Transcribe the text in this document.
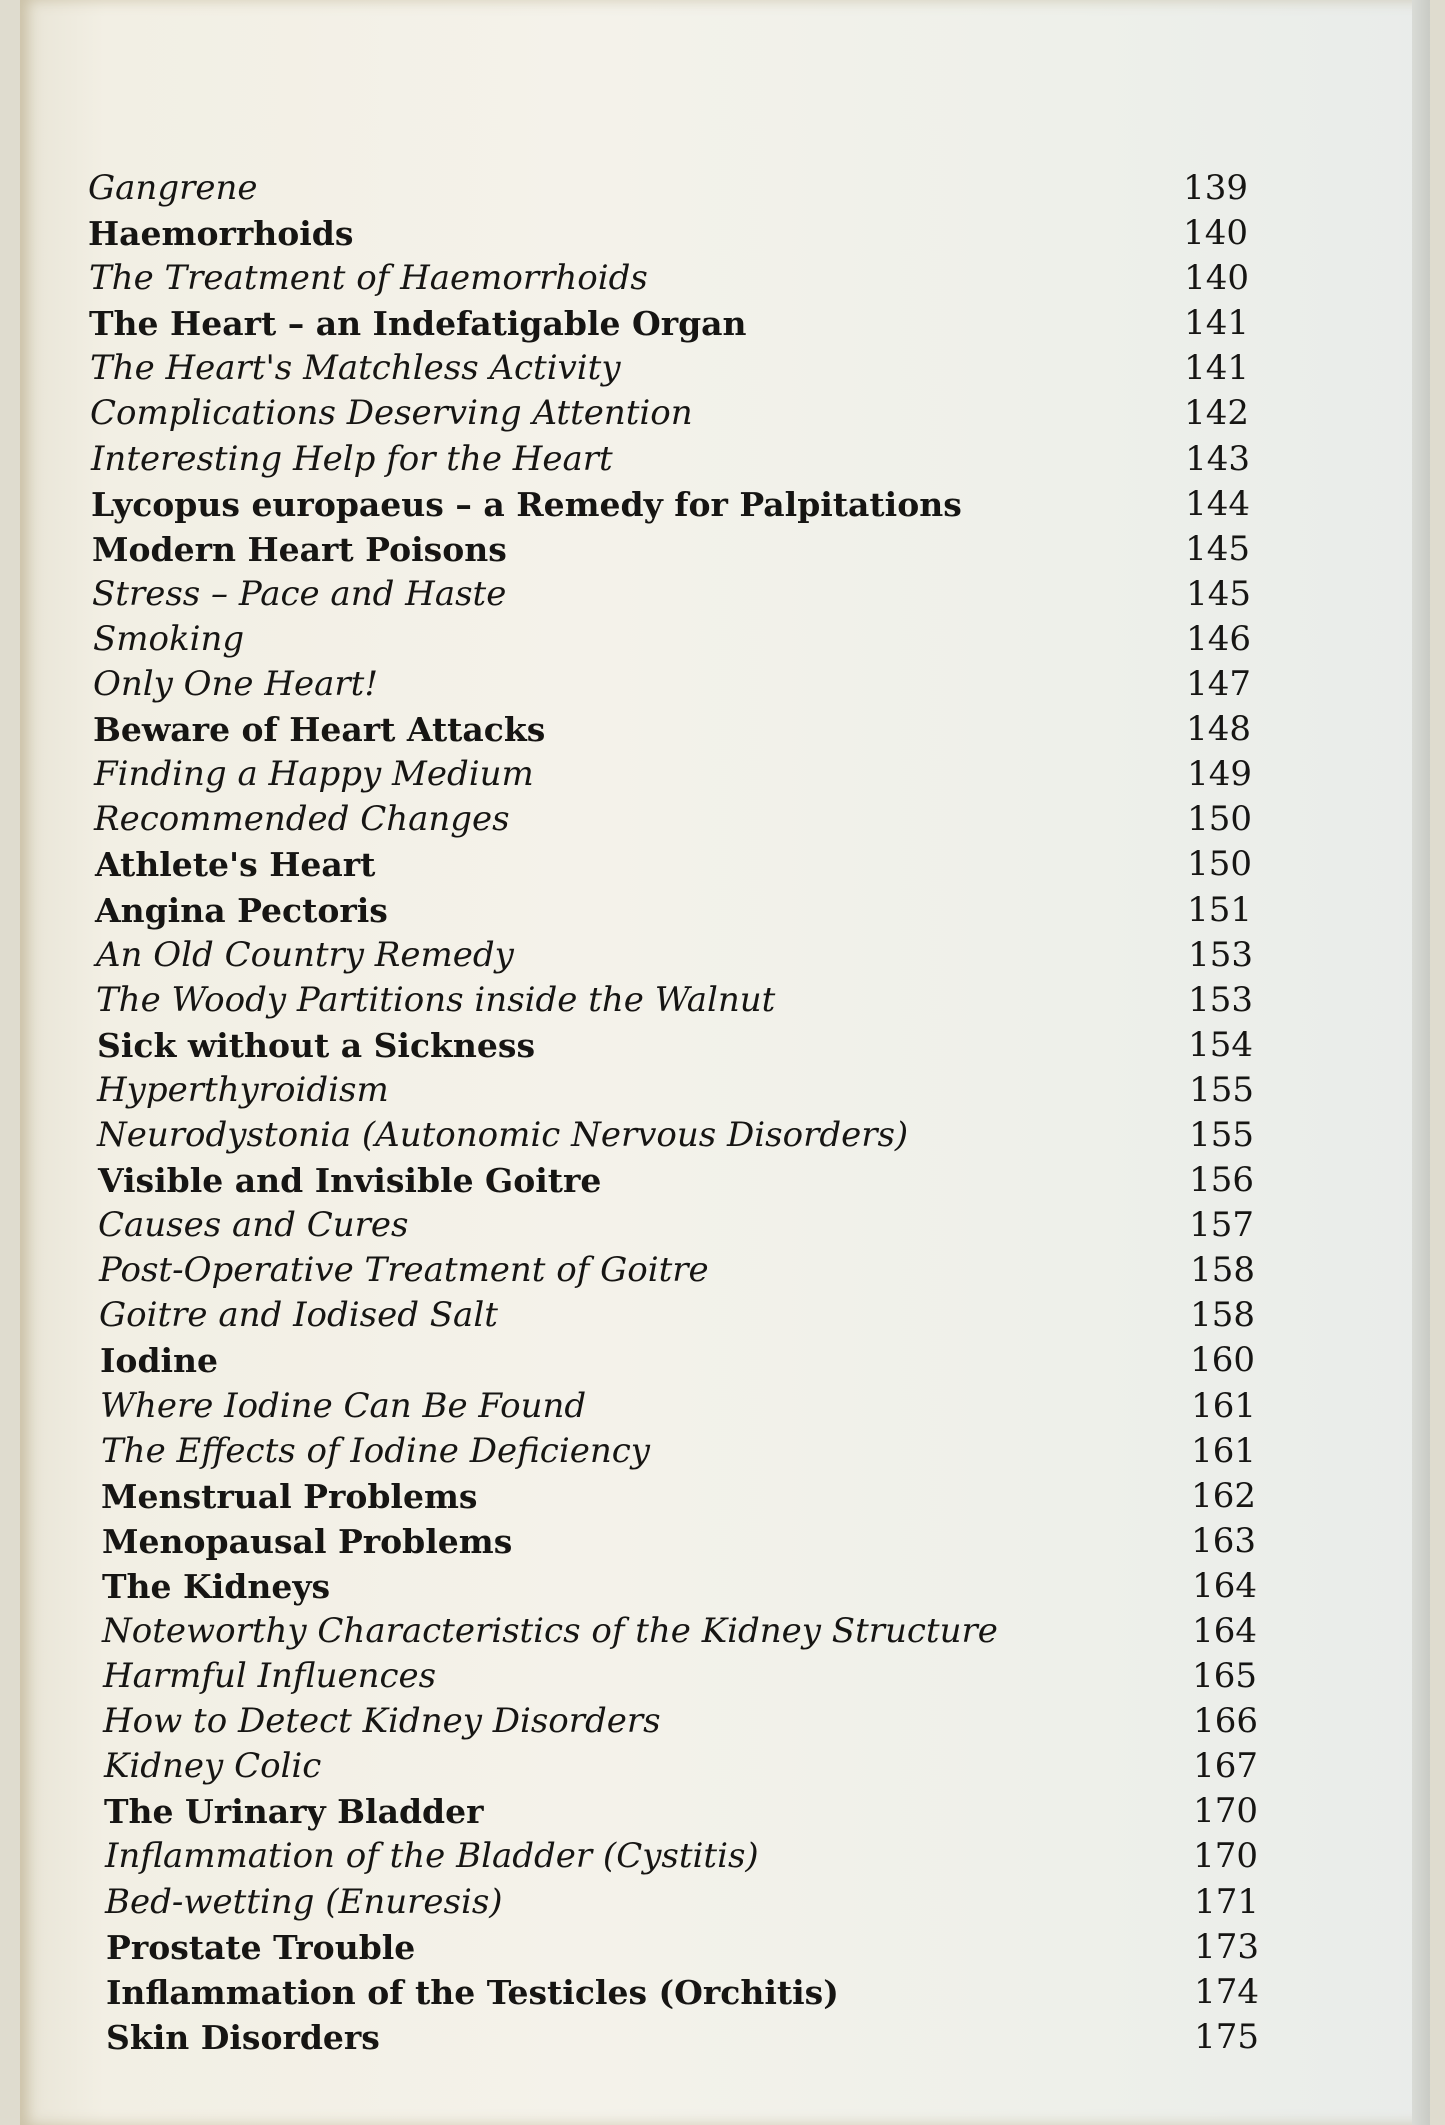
Gangrene	139
Haemorrhoids	140
The Treatment of Haemorrhoids	140
The Heart – an Indefatigable Organ	141
The Heart's Matchless Activity	141
Complications Deserving Attention	142
Interesting Help for the Heart	143
Lycopus europaeus – a Remedy for Palpitations	144
Modern Heart Poisons	145
Stress – Pace and Haste	145
Smoking	146
Only One Heart!	147
Beware of Heart Attacks	148
Finding a Happy Medium	149
Recommended Changes	150
Athlete's Heart	150
Angina Pectoris	151
An Old Country Remedy	153
The Woody Partitions inside the Walnut	153
Sick without a Sickness	154
Hyperthyroidism	155
Neurodystonia (Autonomic Nervous Disorders)	155
Visible and Invisible Goitre	156
Causes and Cures	157
Post-Operative Treatment of Goitre	158
Goitre and Iodised Salt	158
Iodine	160
Where Iodine Can Be Found	161
The Effects of Iodine Deficiency	161
Menstrual Problems	162
Menopausal Problems	163
The Kidneys	164
Noteworthy Characteristics of the Kidney Structure	164
Harmful Influences	165
How to Detect Kidney Disorders	166
Kidney Colic	167
The Urinary Bladder	170
Inflammation of the Bladder (Cystitis)	170
Bed-wetting (Enuresis)	171
Prostate Trouble	173
Inflammation of the Testicles (Orchitis)	174
Skin Disorders	175
